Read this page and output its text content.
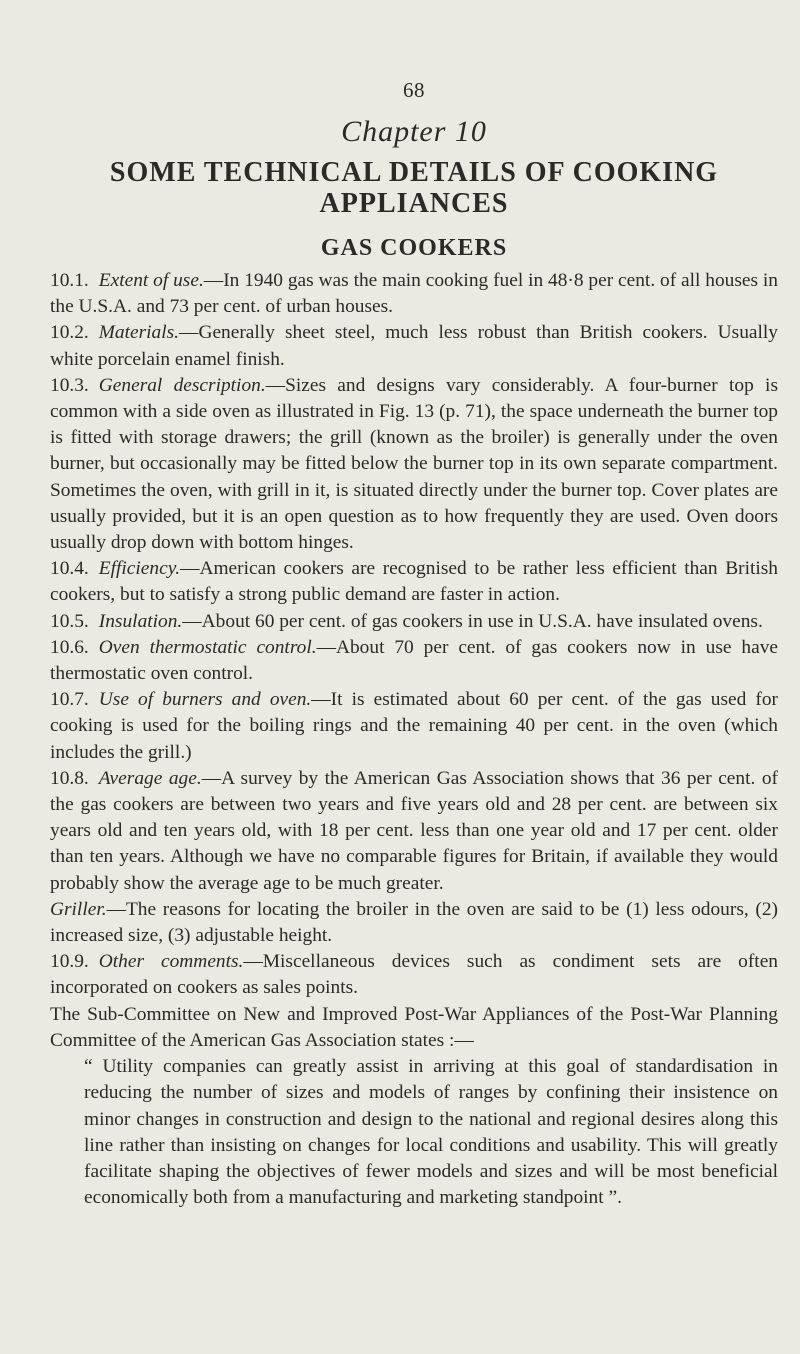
68
Chapter 10
SOME TECHNICAL DETAILS OF COOKING
APPLIANCES
GAS COOKERS

10.1. Extent of use.—In 1940 gas was the main cooking fuel in 48·8 per cent. of all houses in the U.S.A. and 73 per cent. of urban houses.

10.2. Materials.—Generally sheet steel, much less robust than British cookers. Usually white porcelain enamel finish.

10.3. General description.—Sizes and designs vary considerably. A four-burner top is common with a side oven as illustrated in Fig. 13 (p. 71), the space underneath the burner top is fitted with storage drawers; the grill (known as the broiler) is generally under the oven burner, but occasionally may be fitted below the burner top in its own separate compartment. Sometimes the oven, with grill in it, is situated directly under the burner top. Cover plates are usually provided, but it is an open question as to how frequently they are used. Oven doors usually drop down with bottom hinges.

10.4. Efficiency.—American cookers are recognised to be rather less efficient than British cookers, but to satisfy a strong public demand are faster in action.

10.5. Insulation.—About 60 per cent. of gas cookers in use in U.S.A. have insulated ovens.

10.6. Oven thermostatic control.—About 70 per cent. of gas cookers now in use have thermostatic oven control.

10.7. Use of burners and oven.—It is estimated about 60 per cent. of the gas used for cooking is used for the boiling rings and the remaining 40 per cent. in the oven (which includes the grill.)

10.8. Average age.—A survey by the American Gas Association shows that 36 per cent. of the gas cookers are between two years and five years old and 28 per cent. are between six years old and ten years old, with 18 per cent. less than one year old and 17 per cent. older than ten years. Although we have no comparable figures for Britain, if available they would probably show the average age to be much greater.

Griller.—The reasons for locating the broiler in the oven are said to be (1) less odours, (2) increased size, (3) adjustable height.

10.9. Other comments.—Miscellaneous devices such as condiment sets are often incorporated on cookers as sales points.

The Sub-Committee on New and Improved Post-War Appliances of the Post-War Planning Committee of the American Gas Association states :—

“ Utility companies can greatly assist in arriving at this goal of standardisation in reducing the number of sizes and models of ranges by confining their insistence on minor changes in construction and design to the national and regional desires along this line rather than insisting on changes for local conditions and usability. This will greatly facilitate shaping the objectives of fewer models and sizes and will be most beneficial economically both from a manufacturing and marketing standpoint ”.
